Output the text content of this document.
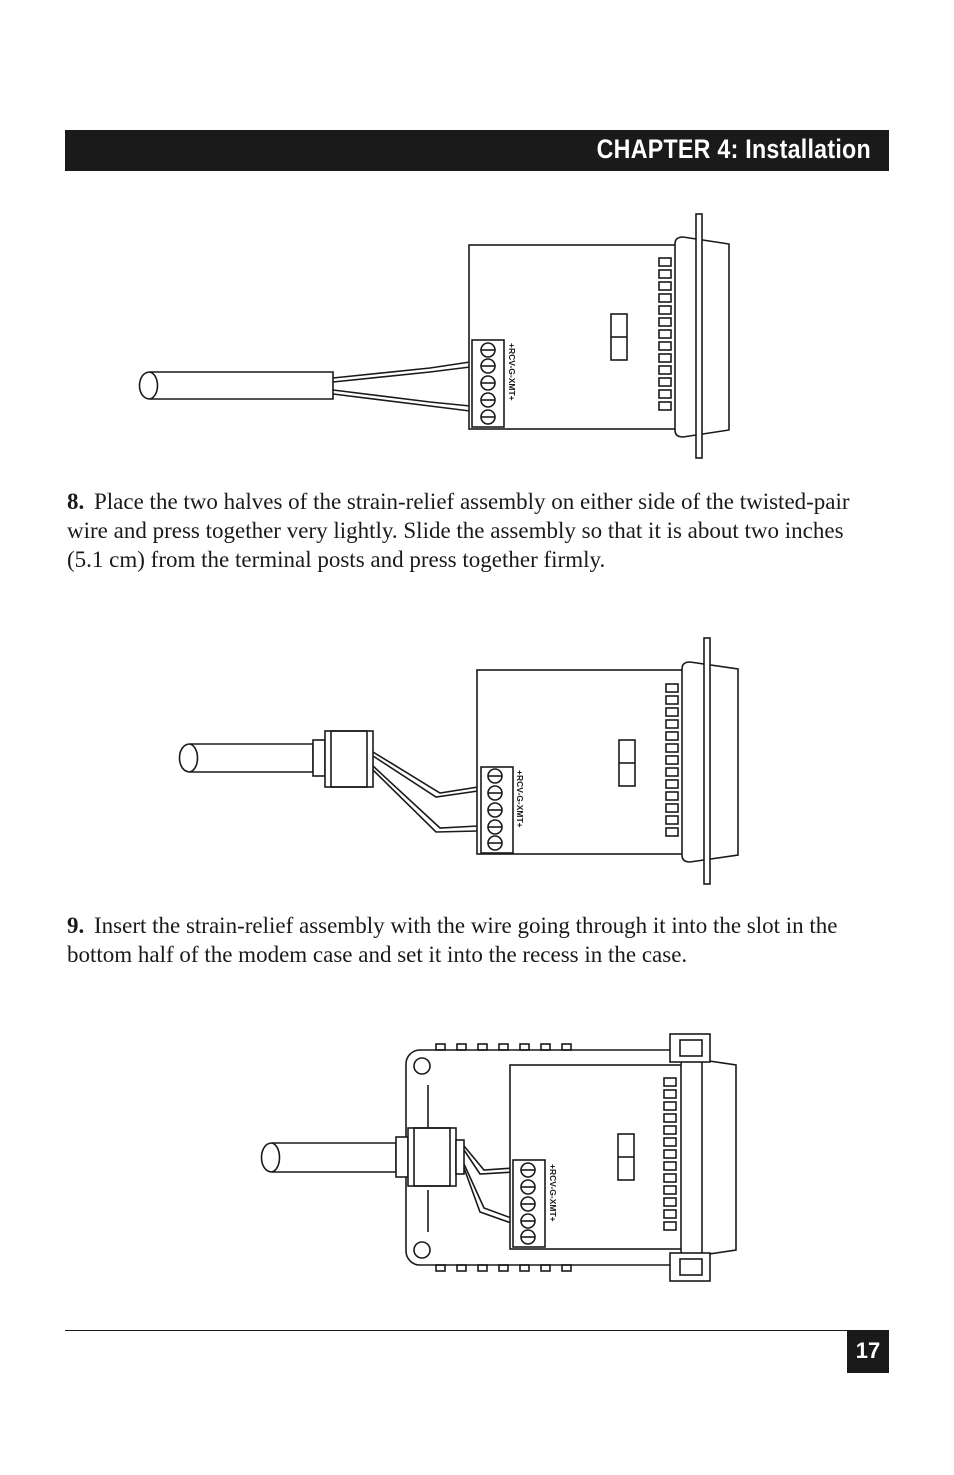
CHAPTER 4: Installation
+RCV-G-XMT+

8. Place the two halves of the strain-relief assembly on either side of the twisted-pair wire and press together very lightly. Slide the assembly so that it is about two inches (5.1 cm) from the terminal posts and press together firmly.

+RCV-G-XMT+

9. Insert the strain-relief assembly with the wire going through it into the slot in the bottom half of the modem case and set it into the recess in the case.

+RCV-G-XMT+
17
